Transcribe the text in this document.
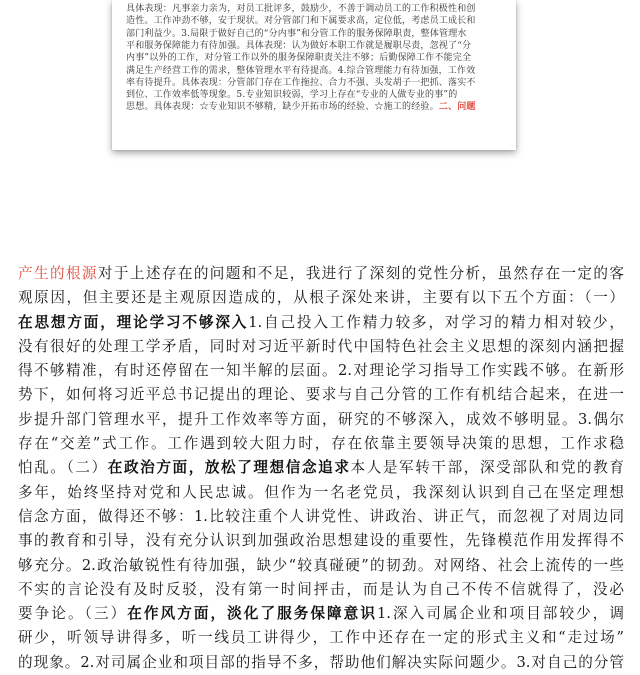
具体表现：凡事亲力亲为，对员工批评多，鼓励少，不善于调动员工的工作积极性和创
造性。工作冲劲不够，安于现状。对分管部门和下属要求高，定位低，考虑员工成长和
部门利益少。3.局限于做好自己的“分内事”和分管工作的服务保障职责，整体管理水
平和服务保障能力有待加强。具体表现：认为做好本职工作就是履职尽责，忽视了“分
内事”以外的工作，对分管工作以外的服务保障职责关注不够；后勤保障工作不能完全
满足生产经营工作的需求，整体管理水平有待提高。4.综合管理能力有待加强，工作效
率有待提升。具体表现：分管部门存在工作拖拉、合力不强、头发胡子一把抓、落实不
到位、工作效率低等现象。5.专业知识较弱，学习上存在“专业的人做专业的事”的
思想。具体表现：☆专业知识不够精，缺少开拓市场的经验、☆施工的经验。二、问题
产生的根源对于上述存在的问题和不足，我进行了深刻的党性分析，虽然存在一定的客
观原因，但主要还是主观原因造成的，从根子深处来讲，主要有以下五个方面：（一）
在思想方面，理论学习不够深入1.自己投入工作精力较多，对学习的精力相对较少，
没有很好的处理工学矛盾，同时对习近平新时代中国特色社会主义思想的深刻内涵把握
得不够精准，有时还停留在一知半解的层面。2.对理论学习指导工作实践不够。在新形
势下，如何将习近平总书记提出的理论、要求与自己分管的工作有机结合起来，在进一
步提升部门管理水平，提升工作效率等方面，研究的不够深入，成效不够明显。3.偶尔
存在“交差”式工作。工作遇到较大阻力时，存在依靠主要领导决策的思想，工作求稳
怕乱。（二）在政治方面，放松了理想信念追求本人是军转干部，深受部队和党的教育
多年，始终坚持对党和人民忠诚。但作为一名老党员，我深刻认识到自己在坚定理想
信念方面，做得还不够：1.比较注重个人讲党性、讲政治、讲正气，而忽视了对周边同
事的教育和引导，没有充分认识到加强政治思想建设的重要性，先锋模范作用发挥得不
够充分。2.政治敏锐性有待加强，缺少“较真碰硬”的韧劲。对网络、社会上流传的一些
不实的言论没有及时反驳，没有第一时间抨击，而是认为自己不传不信就得了，没必
要争论。（三）在作风方面，淡化了服务保障意识1.深入司属企业和项目部较少，调
研少，听领导讲得多，听一线员工讲得少，工作中还存在一定的形式主义和“走过场”
的现象。2.对司属企业和项目部的指导不多，帮助他们解决实际问题少。3.对自己的分管
